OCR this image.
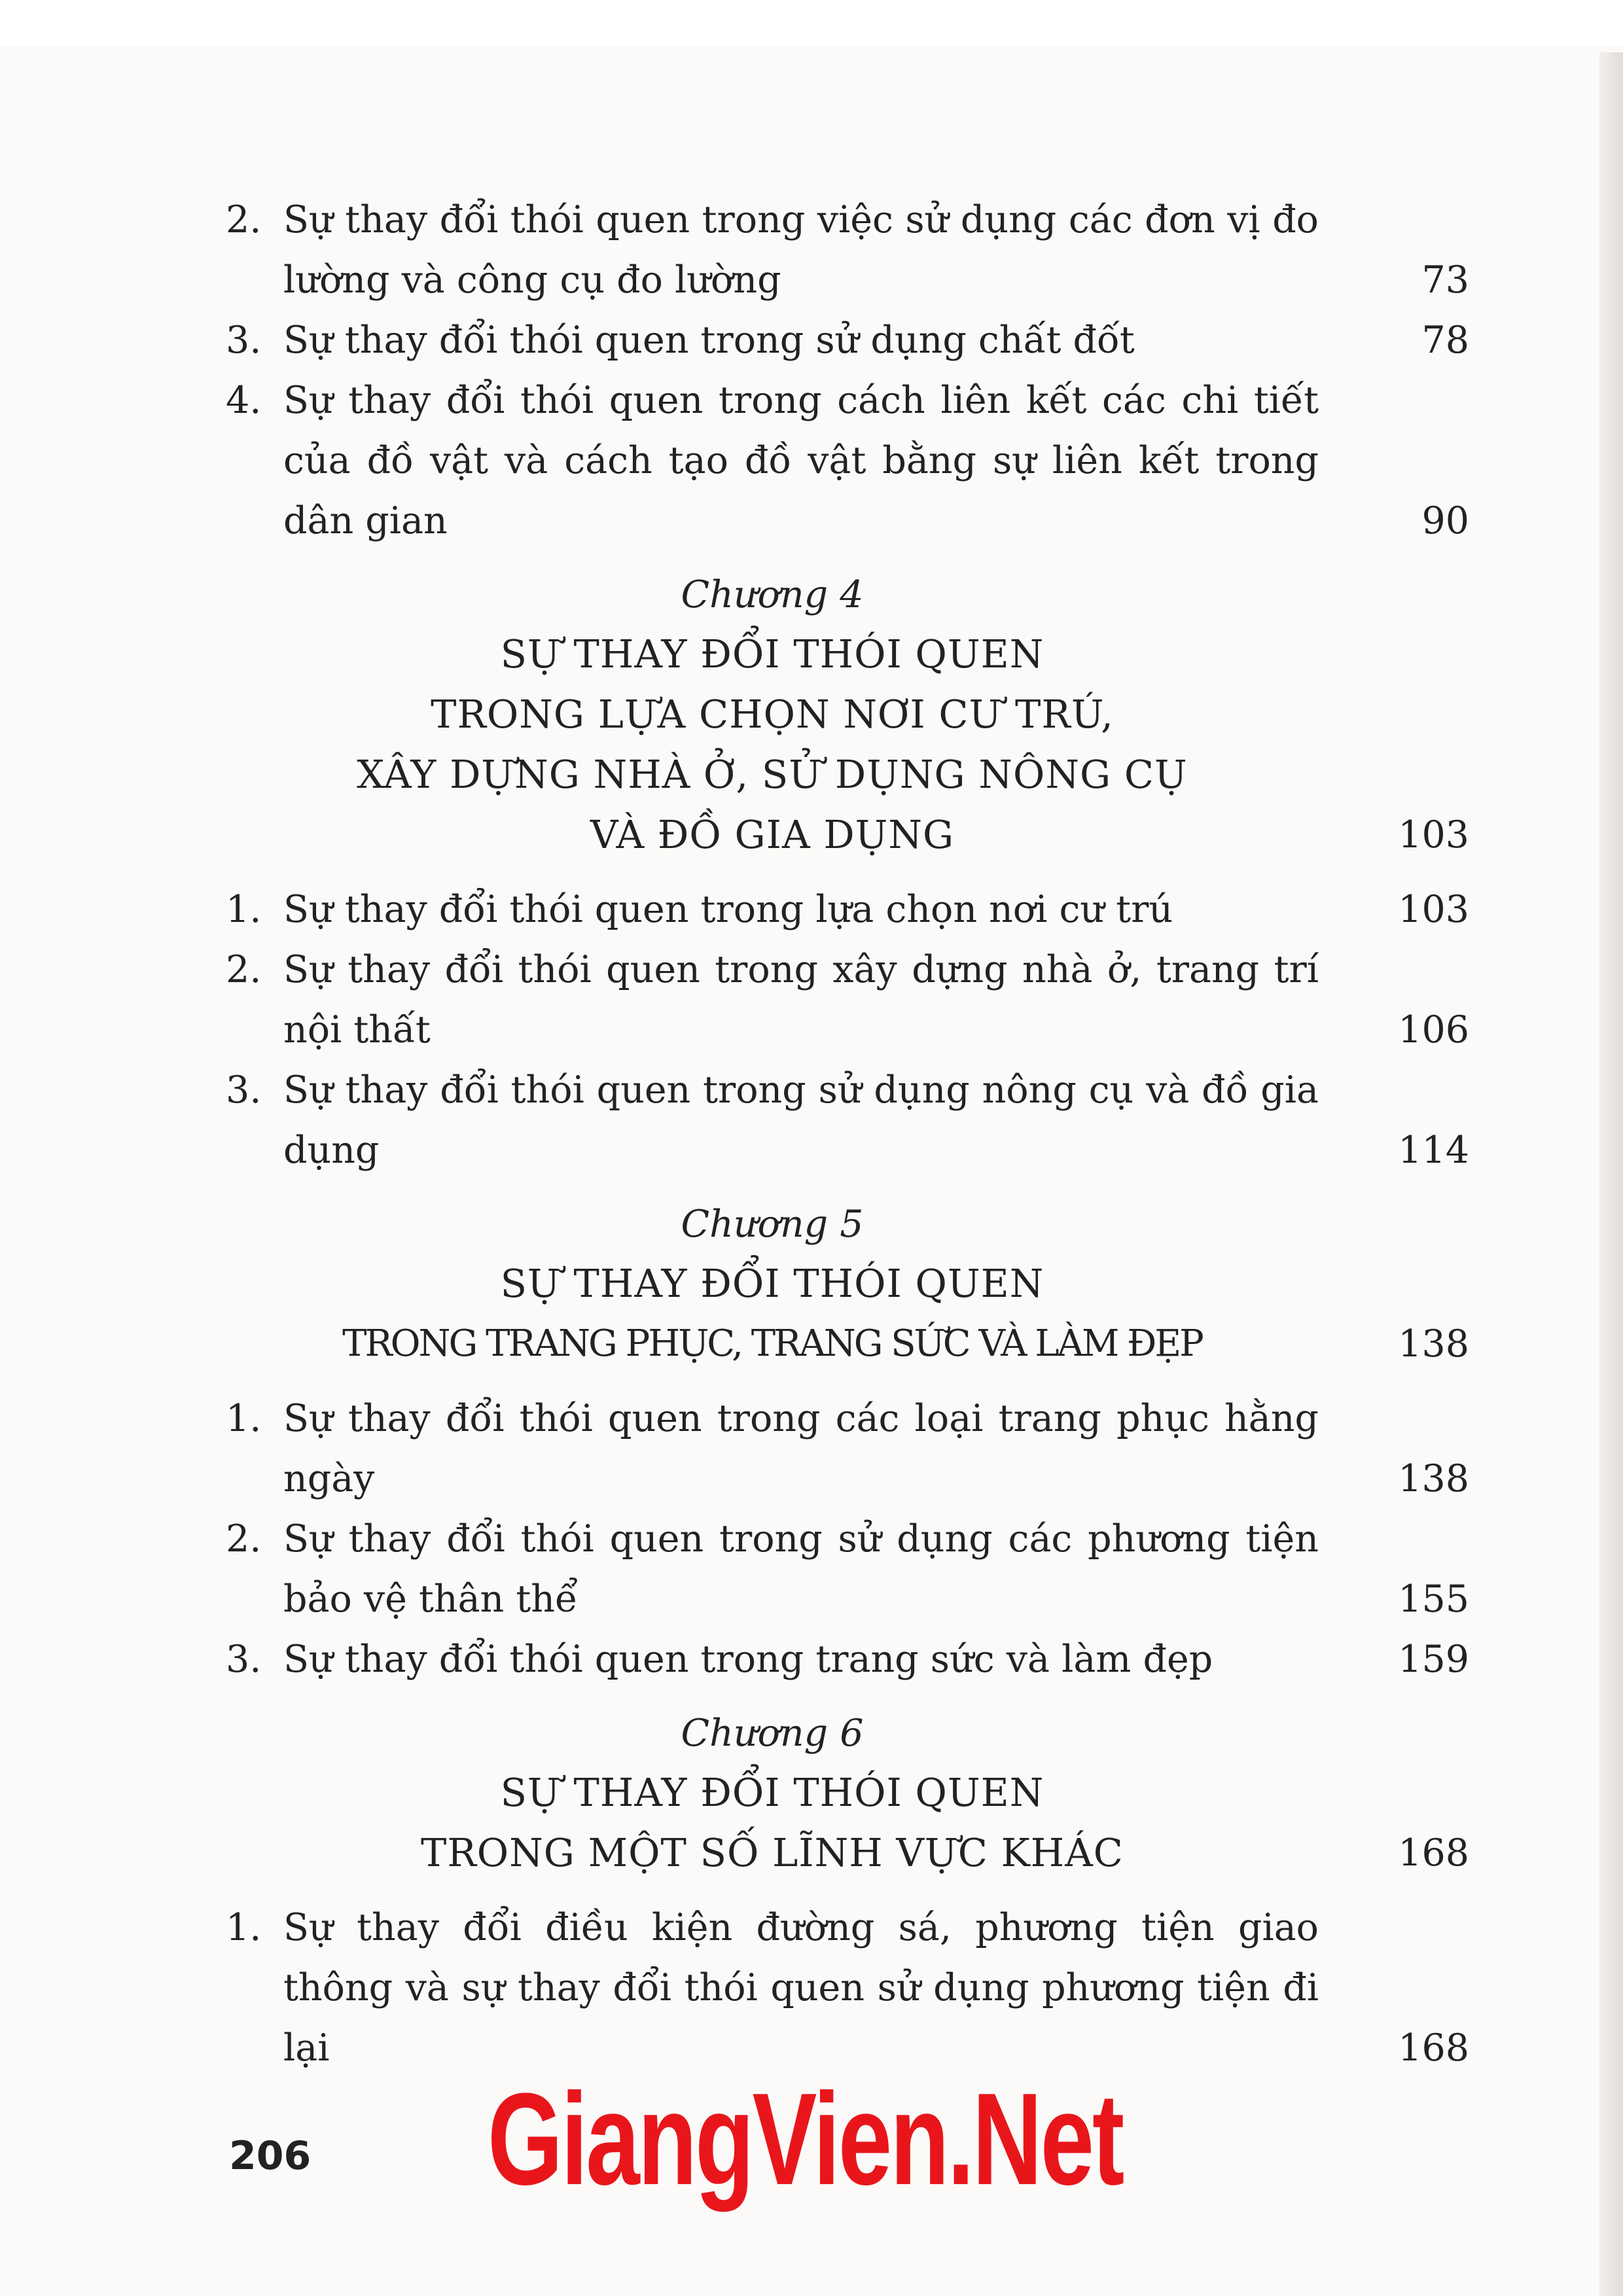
2. Sự thay đổi thói quen trong việc sử dụng các đơn vị đo lường và công cụ đo lường	73
3. Sự thay đổi thói quen trong sử dụng chất đốt	78
4. Sự thay đổi thói quen trong cách liên kết các chi tiết của đồ vật và cách tạo đồ vật bằng sự liên kết trong dân gian	90
Chương 4
SỰ THAY ĐỔI THÓI QUEN
TRONG LỰA CHỌN NƠI CƯ TRÚ,
XÂY DỰNG NHÀ Ở, SỬ DỤNG NÔNG CỤ
VÀ ĐỒ GIA DỤNG	103
1. Sự thay đổi thói quen trong lựa chọn nơi cư trú	103
2. Sự thay đổi thói quen trong xây dựng nhà ở, trang trí nội thất	106
3. Sự thay đổi thói quen trong sử dụng nông cụ và đồ gia dụng	114
Chương 5
SỰ THAY ĐỔI THÓI QUEN
TRONG TRANG PHỤC, TRANG SỨC VÀ LÀM ĐẸP	138
1. Sự thay đổi thói quen trong các loại trang phục hằng ngày	138
2. Sự thay đổi thói quen trong sử dụng các phương tiện bảo vệ thân thể	155
3. Sự thay đổi thói quen trong trang sức và làm đẹp	159
Chương 6
SỰ THAY ĐỔI THÓI QUEN
TRONG MỘT SỐ LĨNH VỰC KHÁC	168
1. Sự thay đổi điều kiện đường sá, phương tiện giao thông và sự thay đổi thói quen sử dụng phương tiện đi lại	168
206 GiangVien.Net
